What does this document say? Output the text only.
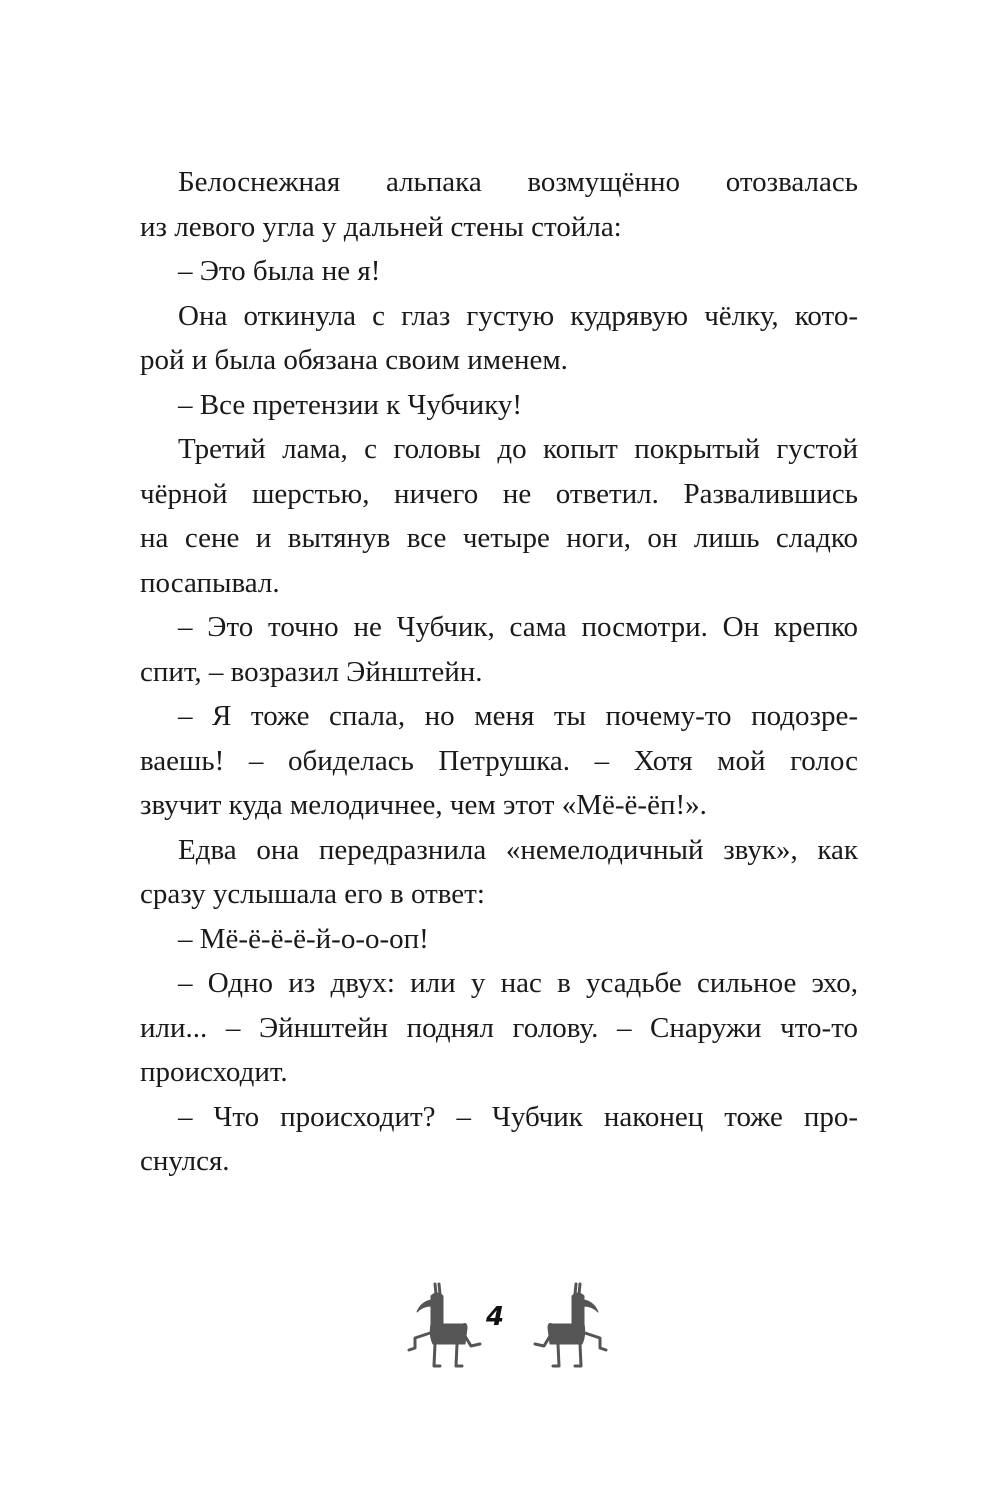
Белоснежная альпака возмущённо отозвалась
из левого угла у дальней стены стойла:
– Это была не я!
Она откинула с глаз густую кудрявую чёлку, кото-
рой и была обязана своим именем.
– Все претензии к Чубчику!
Третий лама, с головы до копыт покрытый густой
чёрной шерстью, ничего не ответил. Развалившись
на сене и вытянув все четыре ноги, он лишь сладко
посапывал.
– Это точно не Чубчик, сама посмотри. Он крепко
спит, – возразил Эйнштейн.
– Я тоже спала, но меня ты почему-то подозре-
ваешь! – обиделась Петрушка. – Хотя мой голос
звучит куда мелодичнее, чем этот «Мё-ё-ёп!».
Едва она передразнила «немелодичный звук», как
сразу услышала его в ответ:
– Мё-ё-ё-ё-й-о-о-оп!
– Одно из двух: или у нас в усадьбе сильное эхо,
или... – Эйнштейн поднял голову. – Снаружи что-то
происходит.
– Что происходит? – Чубчик наконец тоже про-
снулся.
4
